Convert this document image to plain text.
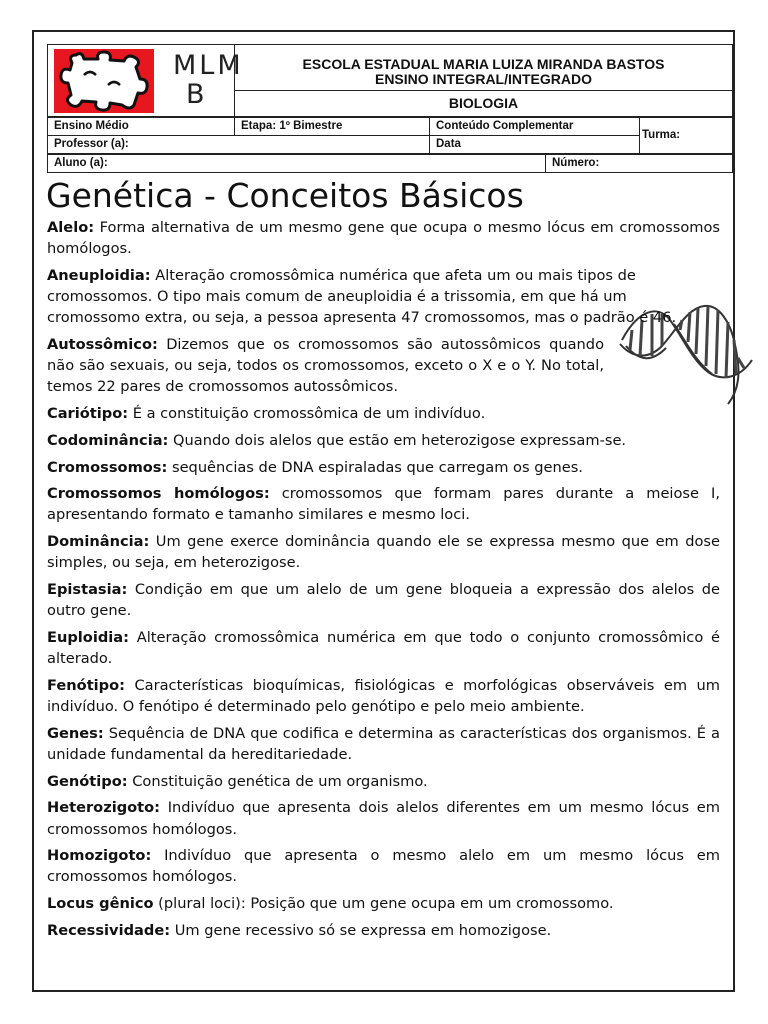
MLM
B
ESCOLA ESTADUAL MARIA LUIZA MIRANDA BASTOS
ENSINO INTEGRAL/INTEGRADO
BIOLOGIA
Ensino Médio	Etapa: 1º Bimestre	Conteúdo Complementar
Turma:
Professor (a):	Data
Aluno (a):	Número:
Genética - Conceitos Básicos

Alelo: Forma alternativa de um mesmo gene que ocupa o mesmo lócus em cromossomos homólogos.

Aneuploidia: Alteração cromossômica numérica que afeta um ou mais tipos de cromossomos. O tipo mais comum de aneuploidia é a trissomia, em que há um cromossomo extra, ou seja, a pessoa apresenta 47 cromossomos, mas o padrão é 46.

Autossômico: Dizemos que os cromossomos são autossômicos quando não são sexuais, ou seja, todos os cromossomos, exceto o X e o Y. No total, temos 22 pares de cromossomos autossômicos.

Cariótipo: É a constituição cromossômica de um indivíduo.

Codominância: Quando dois alelos que estão em heterozigose expressam-se.

Cromossomos: sequências de DNA espiraladas que carregam os genes.

Cromossomos homólogos: cromossomos que formam pares durante a meiose I, apresentando formato e tamanho similares e mesmo loci.

Dominância: Um gene exerce dominância quando ele se expressa mesmo que em dose simples, ou seja, em heterozigose.

Epistasia: Condição em que um alelo de um gene bloqueia a expressão dos alelos de outro gene.

Euploidia: Alteração cromossômica numérica em que todo o conjunto cromossômico é alterado.

Fenótipo: Características bioquímicas, fisiológicas e morfológicas observáveis em um indivíduo. O fenótipo é determinado pelo genótipo e pelo meio ambiente.

Genes: Sequência de DNA que codifica e determina as características dos organismos. É a unidade fundamental da hereditariedade.

Genótipo: Constituição genética de um organismo.

Heterozigoto: Indivíduo que apresenta dois alelos diferentes em um mesmo lócus em cromossomos homólogos.

Homozigoto: Indivíduo que apresenta o mesmo alelo em um mesmo lócus em cromossomos homólogos.

Locus gênico (plural loci): Posição que um gene ocupa em um cromossomo.

Recessividade: Um gene recessivo só se expressa em homozigose.
